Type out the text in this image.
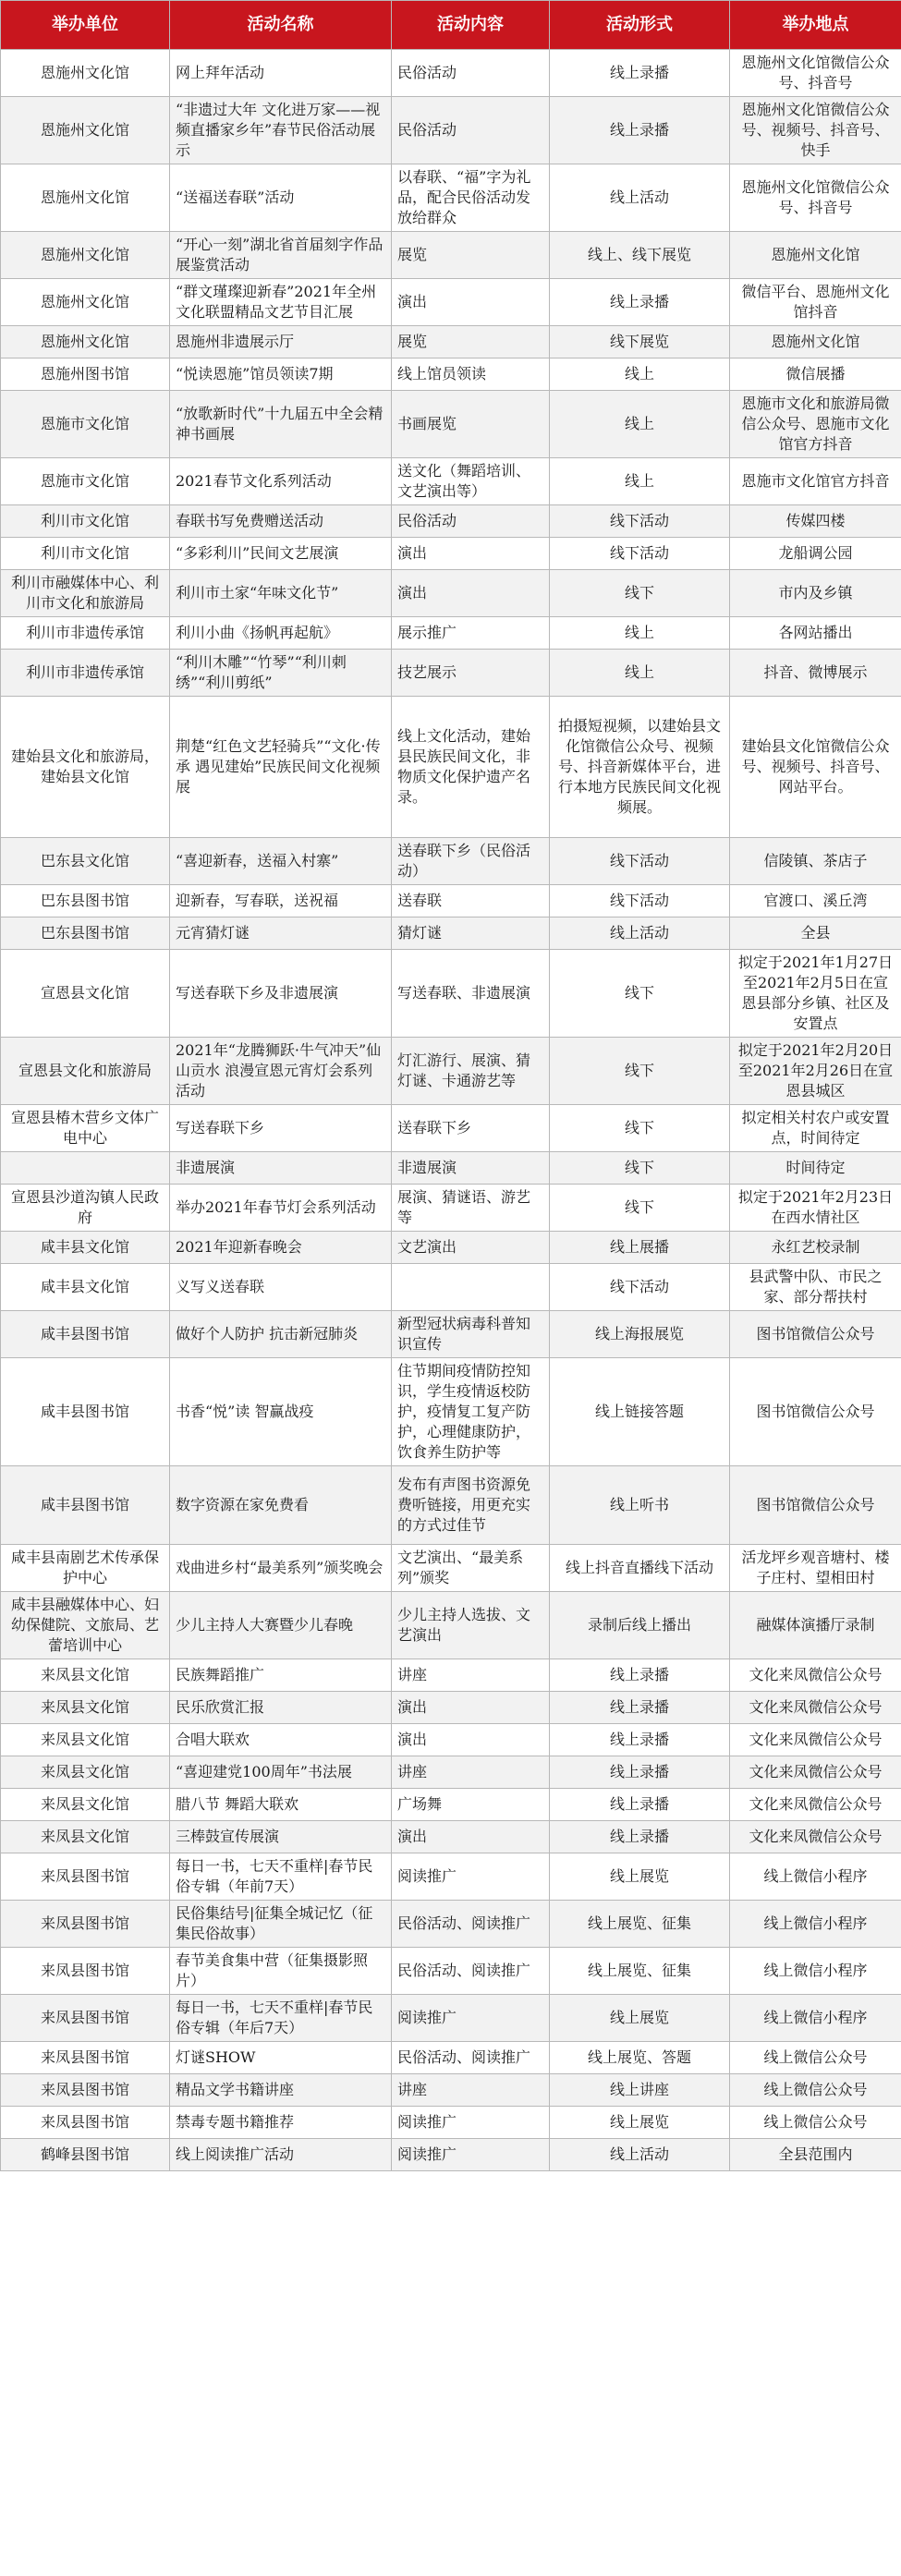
举办单位	活动名称	活动内容	活动形式	举办地点
恩施州文化馆	网上拜年活动	民俗活动	线上录播	恩施州文化馆微信公众号、抖音号
恩施州文化馆	“非遗过大年 文化进万家——视频直播家乡年”春节民俗活动展示	民俗活动	线上录播	恩施州文化馆微信公众号、视频号、抖音号、快手
恩施州文化馆	“送福送春联”活动	以春联、“福”字为礼品，配合民俗活动发放给群众	线上活动	恩施州文化馆微信公众号、抖音号
恩施州文化馆	“开心一刻”湖北省首届刻字作品展鉴赏活动	展览	线上、线下展览	恩施州文化馆
恩施州文化馆	“群文瑾璨迎新春”2021年全州文化联盟精品文艺节目汇展	演出	线上录播	微信平台、恩施州文化馆抖音
恩施州文化馆	恩施州非遗展示厅	展览	线下展览	恩施州文化馆
恩施州图书馆	“悦读恩施”馆员领读7期	线上馆员领读	线上	微信展播
恩施市文化馆	“放歌新时代”十九届五中全会精神书画展	书画展览	线上	恩施市文化和旅游局微信公众号、恩施市文化馆官方抖音
恩施市文化馆	2021春节文化系列活动	送文化（舞蹈培训、文艺演出等）	线上	恩施市文化馆官方抖音
利川市文化馆	春联书写免费赠送活动	民俗活动	线下活动	传媒四楼
利川市文化馆	“多彩利川”民间文艺展演	演出	线下活动	龙船调公园
利川市融媒体中心、利川市文化和旅游局	利川市土家“年味文化节”	演出	线下	市内及乡镇
利川市非遗传承馆	利川小曲《扬帆再起航》	展示推广	线上	各网站播出
利川市非遗传承馆	“利川木雕”“竹琴”“利川刺绣”“利川剪纸”	技艺展示	线上	抖音、微博展示
建始县文化和旅游局，建始县文化馆	荆楚“红色文艺轻骑兵”“文化·传承 遇见建始”民族民间文化视频展	线上文化活动，建始县民族民间文化，非物质文化保护遗产名录。	拍摄短视频，以建始县文化馆微信公众号、视频号、抖音新媒体平台，进行本地方民族民间文化视频展。	建始县文化馆微信公众号、视频号、抖音号、网站平台。
巴东县文化馆	“喜迎新春，送福入村寨”	送春联下乡（民俗活动）	线下活动	信陵镇、茶店子
巴东县图书馆	迎新春，写春联，送祝福	送春联	线下活动	官渡口、溪丘湾
巴东县图书馆	元宵猜灯谜	猜灯谜	线上活动	全县
宣恩县文化馆	写送春联下乡及非遗展演	写送春联、非遗展演	线下	拟定于2021年1月27日 至2021年2月5日在宣恩县部分乡镇、社区及安置点
宣恩县文化和旅游局	2021年“龙腾狮跃·牛气冲天”仙山贡水 浪漫宣恩元宵灯会系列活动	灯汇游行、展演、猜灯谜、卡通游艺等	线下	拟定于2021年2月20日 至2021年2月26日在宣恩县城区
宣恩县椿木营乡文体广电中心	写送春联下乡	送春联下乡	线下	拟定相关村农户或安置点，时间待定
	非遗展演	非遗展演	线下	时间待定
宣恩县沙道沟镇人民政府	举办2021年春节灯会系列活动	展演、猜谜语、游艺等	线下	拟定于2021年2月23日 在西水情社区
咸丰县文化馆	2021年迎新春晚会	文艺演出	线上展播	永红艺校录制
咸丰县文化馆	义写义送春联		线下活动	县武警中队、市民之家、部分帮扶村
咸丰县图书馆	做好个人防护 抗击新冠肺炎	新型冠状病毒科普知识宣传	线上海报展览	图书馆微信公众号
咸丰县图书馆	书香“悦”读 智赢战疫	住节期间疫情防控知识，学生疫情返校防护，疫情复工复产防护，心理健康防护，饮食养生防护等	线上链接答题	图书馆微信公众号
咸丰县图书馆	数字资源在家免费看	发布有声图书资源免费听链接，用更充实的方式过佳节	线上听书	图书馆微信公众号
咸丰县南剧艺术传承保护中心	戏曲进乡村“最美系列”颁奖晚会	文艺演出、“最美系列”颁奖	线上抖音直播线下活动	活龙坪乡观音塘村、楼子庄村、望相田村
咸丰县融媒体中心、妇幼保健院、文旅局、艺蕾培训中心	少儿主持人大赛暨少儿春晚	少儿主持人选拔、文艺演出	录制后线上播出	融媒体演播厅录制
来凤县文化馆	民族舞蹈推广	讲座	线上录播	文化来凤微信公众号
来凤县文化馆	民乐欣赏汇报	演出	线上录播	文化来凤微信公众号
来凤县文化馆	合唱大联欢	演出	线上录播	文化来凤微信公众号
来凤县文化馆	“喜迎建党100周年”书法展	讲座	线上录播	文化来凤微信公众号
来凤县文化馆	腊八节 舞蹈大联欢	广场舞	线上录播	文化来凤微信公众号
来凤县文化馆	三棒鼓宣传展演	演出	线上录播	文化来凤微信公众号
来凤县图书馆	每日一书，七天不重样|春节民俗专辑（年前7天）	阅读推广	线上展览	线上微信小程序
来凤县图书馆	民俗集结号|征集全城记忆（征集民俗故事）	民俗活动、阅读推广	线上展览、征集	线上微信小程序
来凤县图书馆	春节美食集中营（征集摄影照片）	民俗活动、阅读推广	线上展览、征集	线上微信小程序
来凤县图书馆	每日一书，七天不重样|春节民俗专辑（年后7天）	阅读推广	线上展览	线上微信小程序
来凤县图书馆	灯谜SHOW	民俗活动、阅读推广	线上展览、答题	线上微信公众号
来凤县图书馆	精品文学书籍讲座	讲座	线上讲座	线上微信公众号
来凤县图书馆	禁毒专题书籍推荐	阅读推广	线上展览	线上微信公众号
鹤峰县图书馆	线上阅读推广活动	阅读推广	线上活动	全县范围内
